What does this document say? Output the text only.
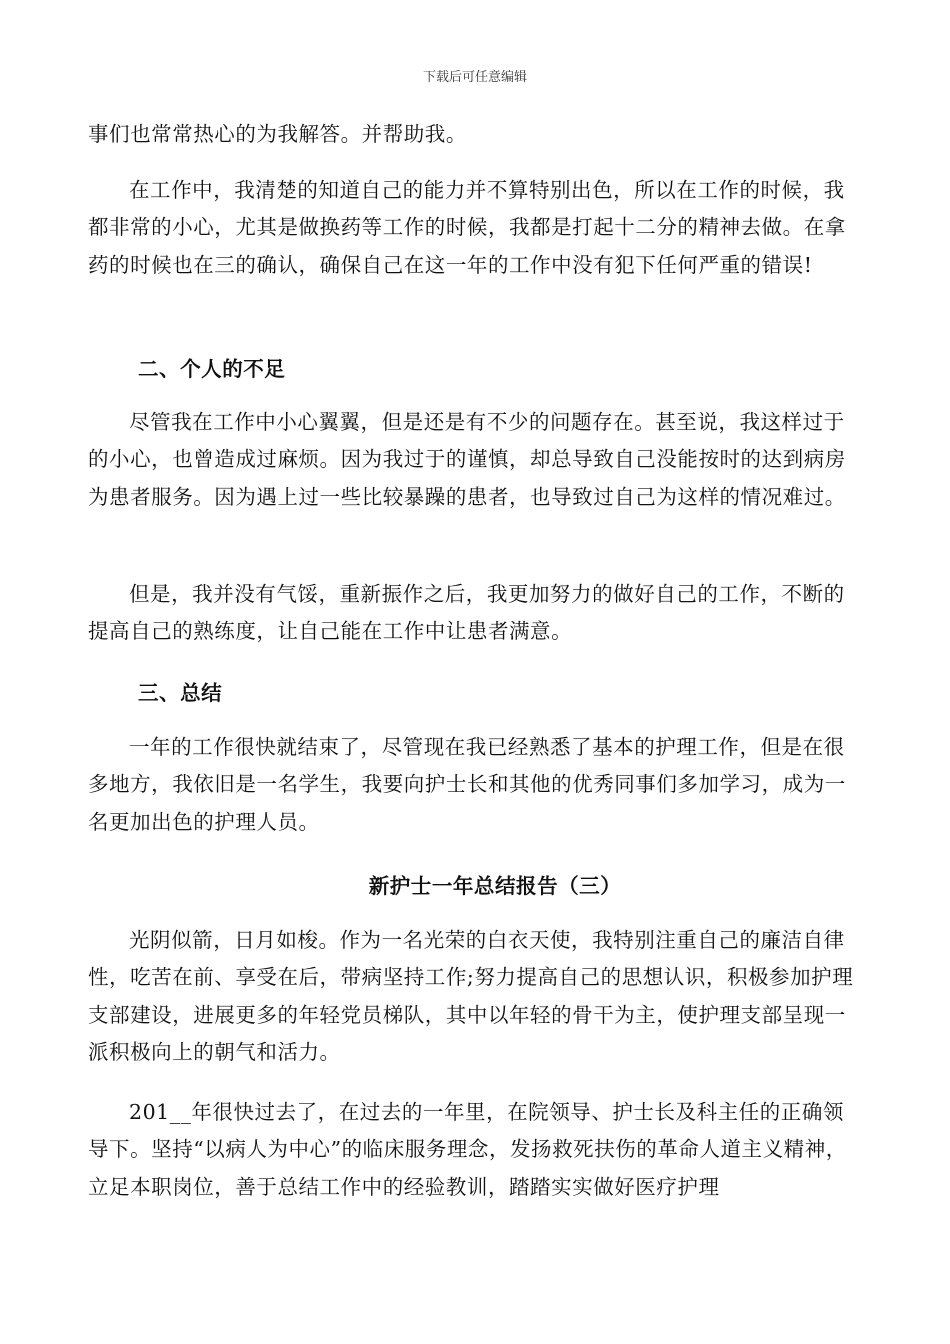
下载后可任意编辑

事们也常常热心的为我解答。并帮助我。

在工作中，我清楚的知道自己的能力并不算特别出色，所以在工作的时候，我都非常的小心，尤其是做换药等工作的时候，我都是打起十二分的精神去做。在拿药的时候也在三的确认，确保自己在这一年的工作中没有犯下任何严重的错误!

二、个人的不足

尽管我在工作中小心翼翼，但是还是有不少的问题存在。甚至说，我这样过于的小心，也曾造成过麻烦。因为我过于的谨慎，却总导致自己没能按时的达到病房为患者服务。因为遇上过一些比较暴躁的患者，也导致过自己为这样的情况难过。

但是，我并没有气馁，重新振作之后，我更加努力的做好自己的工作，不断的提高自己的熟练度，让自己能在工作中让患者满意。

三、总结

一年的工作很快就结束了，尽管现在我已经熟悉了基本的护理工作，但是在很多地方，我依旧是一名学生，我要向护士长和其他的优秀同事们多加学习，成为一名更加出色的护理人员。

新护士一年总结报告（三）

光阴似箭，日月如梭。作为一名光荣的白衣天使，我特别注重自己的廉洁自律性，吃苦在前、享受在后，带病坚持工作;努力提高自己的思想认识，积极参加护理支部建设，进展更多的年轻党员梯队，其中以年轻的骨干为主，使护理支部呈现一派积极向上的朝气和活力。

201__年很快过去了，在过去的一年里，在院领导、护士长及科主任的正确领导下。坚持“以病人为中心”的临床服务理念，发扬救死扶伤的革命人道主义精神，立足本职岗位，善于总结工作中的经验教训，踏踏实实做好医疗护理
